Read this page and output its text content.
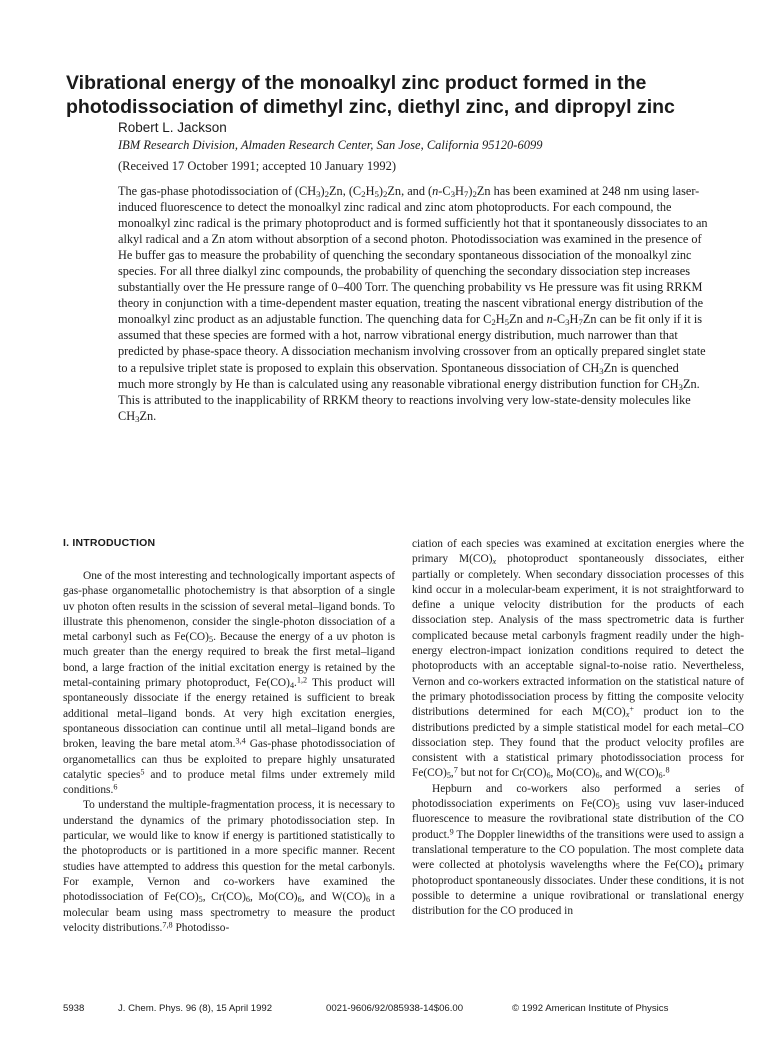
Vibrational energy of the monoalkyl zinc product formed in the photodissociation of dimethyl zinc, diethyl zinc, and dipropyl zinc
Robert L. Jackson
IBM Research Division, Almaden Research Center, San Jose, California 95120-6099
(Received 17 October 1991; accepted 10 January 1992)

The gas-phase photodissociation of $(CH_3)_2Zn$, $(C_2H_5)_2Zn$, and $(n-C_3H_7)_2Zn$ has been examined at 248 nm using laser-induced fluorescence to detect the monoalkyl zinc radical and zinc atom photoproducts. For each compound, the monoalkyl zinc radical is the primary photoproduct and is formed sufficiently hot that it spontaneously dissociates to an alkyl radical and a Zn atom without absorption of a second photon. Photodissociation was examined in the presence of He buffer gas to measure the probability of quenching the secondary spontaneous dissociation of the monoalkyl zinc species. For all three dialkyl zinc compounds, the probability of quenching the secondary dissociation step increases substantially over the He pressure range of 0–400 Torr. The quenching probability vs He pressure was fit using RRKM theory in conjunction with a time-dependent master equation, treating the nascent vibrational energy distribution of the monoalkyl zinc product as an adjustable function. The quenching data for $C_2H_5Zn$ and $n-C_3H_7Zn$ can be fit only if it is assumed that these species are formed with a hot, narrow vibrational energy distribution, much narrower than that predicted by phase-space theory. A dissociation mechanism involving crossover from an optically prepared singlet state to a repulsive triplet state is proposed to explain this observation. Spontaneous dissociation of $CH_3Zn$ is quenched much more strongly by He than is calculated using any reasonable vibrational energy distribution function for $CH_3Zn$. This is attributed to the inapplicability of RRKM theory to reactions involving very low-state-density molecules like $CH_3Zn$.

I. INTRODUCTION

One of the most interesting and technologically important aspects of gas-phase organometallic photochemistry is that absorption of a single uv photon often results in the scission of several metal–ligand bonds. To illustrate this phenomenon, consider the single-photon dissociation of a metal carbonyl such as $Fe(CO)_5$. Because the energy of a uv photon is much greater than the energy required to break the first metal–ligand bond, a large fraction of the initial excitation energy is retained by the metal-containing primary photoproduct, $Fe(CO)_4.^{1,2}$ This product will spontaneously dissociate if the energy retained is sufficient to break additional metal–ligand bonds. At very high excitation energies, spontaneous dissociation can continue until all metal–ligand bonds are broken, leaving the bare metal atom.$^{3,4}$ Gas-phase photodissociation of organometallics can thus be exploited to prepare highly unsaturated catalytic species$^5$ and to produce metal films under extremely mild conditions.$^6$

To understand the multiple-fragmentation process, it is necessary to understand the dynamics of the primary photodissociation step. In particular, we would like to know if energy is partitioned statistically to the photoproducts or is partitioned in a more specific manner. Recent studies have attempted to address this question for the metal carbonyls. For example, Vernon and co-workers have examined the photodissociation of $Fe(CO)_5$, $Cr(CO)_6$, $Mo(CO)_6$, and $W(CO)_6$ in a molecular beam using mass spectrometry to measure the product velocity distributions.$^{7,8}$ Photodisso-

ciation of each species was examined at excitation energies where the primary $M(CO)_x$ photoproduct spontaneously dissociates, either partially or completely. When secondary dissociation processes of this kind occur in a molecular-beam experiment, it is not straightforward to define a unique velocity distribution for the products of each dissociation step. Analysis of the mass spectrometric data is further complicated because metal carbonyls fragment readily under the high-energy electron-impact ionization conditions required to detect the photoproducts with an acceptable signal-to-noise ratio. Nevertheless, Vernon and co-workers extracted information on the statistical nature of the primary photodissociation process by fitting the composite velocity distributions determined for each $M(CO)_x^+$ product ion to the distributions predicted by a simple statistical model for each metal–CO dissociation step. They found that the product velocity profiles are consistent with a statistical primary photodissociation process for $Fe(CO)_5,^7$ but not for $Cr(CO)_6$, $Mo(CO)_6$, and $W(CO)_6.^8$

Hepburn and co-workers also performed a series of photodissociation experiments on $Fe(CO)_5$ using vuv laser-induced fluorescence to measure the rovibrational state distribution of the CO product.$^9$ The Doppler linewidths of the transitions were used to assign a translational temperature to the CO population. The most complete data were collected at photolysis wavelengths where the $Fe(CO)_4$ primary photoproduct spontaneously dissociates. Under these conditions, it is not possible to determine a unique rovibrational or translational energy distribution for the CO produced in

5938	J. Chem. Phys. 96 (8), 15 April 1992	0021-9606/92/085938-14$06.00	© 1992 American Institute of Physics
